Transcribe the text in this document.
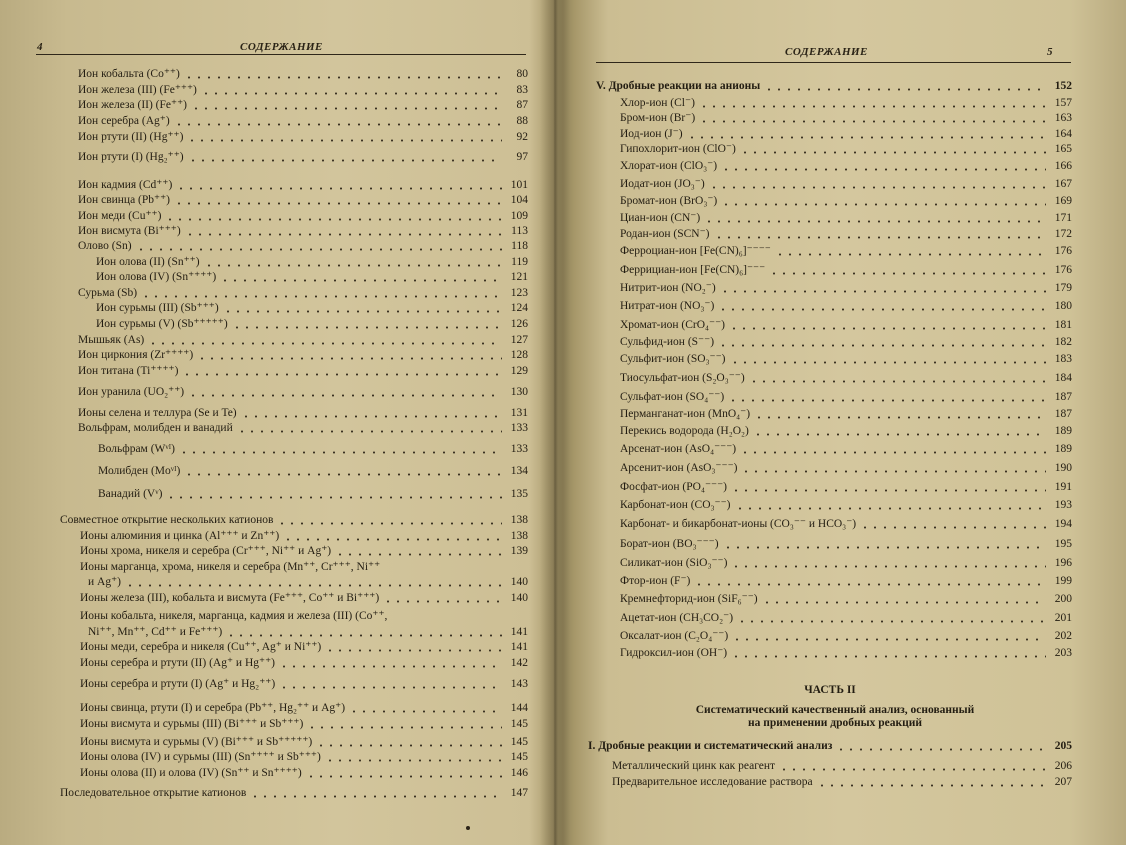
4	СОДЕРЖАНИЕ
Ион кобальта (Co⁺⁺)	80
Ион железа (III) (Fe⁺⁺⁺)	83
Ион железа (II) (Fe⁺⁺)	87
Ион серебра (Ag⁺)	88
Ион ртути (II) (Hg⁺⁺)	92
Ион ртути (I) (Hg₂⁺⁺)	97
Ион кадмия (Cd⁺⁺)	101
Ион свинца (Pb⁺⁺)	104
Ион меди (Cu⁺⁺)	109
Ион висмута (Bi⁺⁺⁺)	113
Олово (Sn)	118
Ион олова (II) (Sn⁺⁺)	119
Ион олова (IV) (Sn⁺⁺⁺⁺)	121
Сурьма (Sb)	123
Ион сурьмы (III) (Sb⁺⁺⁺)	124
Ион сурьмы (V) (Sb⁺⁺⁺⁺⁺)	126
Мышьяк (As)	127
Ион циркония (Zr⁺⁺⁺⁺)	128
Ион титана (Ti⁺⁺⁺⁺)	129
Ион уранила (UO₂⁺⁺)	130
Ионы селена и теллура (Se и Te)	131
Вольфрам, молибден и ванадий	133
Вольфрам (Wᵛᴵ)	133
Молибден (Moᵛᴵ)	134
Ванадий (Vᵛ)	135
Совместное открытие нескольких катионов	138
Ионы алюминия и цинка (Al⁺⁺⁺ и Zn⁺⁺)	138
Ионы хрома, никеля и серебра (Cr⁺⁺⁺, Ni⁺⁺ и Ag⁺)	139
Ионы марганца, хрома, никеля и серебра (Mn⁺⁺, Cr⁺⁺⁺, Ni⁺⁺
и Ag⁺)	140
Ионы железа (III), кобальта и висмута (Fe⁺⁺⁺, Co⁺⁺ и Bi⁺⁺⁺)	140
Ионы кобальта, никеля, марганца, кадмия и железа (III) (Co⁺⁺,
Ni⁺⁺, Mn⁺⁺, Cd⁺⁺ и Fe⁺⁺⁺)	141
Ионы меди, серебра и никеля (Cu⁺⁺, Ag⁺ и Ni⁺⁺)	141
Ионы серебра и ртути (II) (Ag⁺ и Hg⁺⁺)	142
Ионы серебра и ртути (I) (Ag⁺ и Hg₂⁺⁺)	143
Ионы свинца, ртути (I) и серебра (Pb⁺⁺, Hg₂⁺⁺ и Ag⁺)	144
Ионы висмута и сурьмы (III) (Bi⁺⁺⁺ и Sb⁺⁺⁺)	145
Ионы висмута и сурьмы (V) (Bi⁺⁺⁺ и Sb⁺⁺⁺⁺⁺)	145
Ионы олова (IV) и сурьмы (III) (Sn⁺⁺⁺⁺ и Sb⁺⁺⁺)	145
Ионы олова (II) и олова (IV) (Sn⁺⁺ и Sn⁺⁺⁺⁺)	146
Последовательное открытие катионов	147
СОДЕРЖАНИЕ	5
V. Дробные реакции на анионы	152
Хлор-ион (Cl⁻)	157
Бром-ион (Br⁻)	163
Иод-ион (J⁻)	164
Гипохлорит-ион (ClO⁻)	165
Хлорат-ион (ClO₃⁻)	166
Иодат-ион (JO₃⁻)	167
Бромат-ион (BrO₃⁻)	169
Циан-ион (CN⁻)	171
Родан-ион (SCN⁻)	172
Ферроциан-ион [Fe(CN)₆]⁻⁻⁻⁻	176
Феррициан-ион [Fe(CN)₆]⁻⁻⁻	176
Нитрит-ион (NO₂⁻)	179
Нитрат-ион (NO₃⁻)	180
Хромат-ион (CrO₄⁻⁻)	181
Сульфид-ион (S⁻⁻)	182
Сульфит-ион (SO₃⁻⁻)	183
Тиосульфат-ион (S₂O₃⁻⁻)	184
Сульфат-ион (SO₄⁻⁻)	187
Перманганат-ион (MnO₄⁻)	187
Перекись водорода (H₂O₂)	189
Арсенат-ион (AsO₄⁻⁻⁻)	189
Арсенит-ион (AsO₃⁻⁻⁻)	190
Фосфат-ион (PO₄⁻⁻⁻)	191
Карбонат-ион (CO₃⁻⁻)	193
Карбонат- и бикарбонат-ионы (CO₃⁻⁻ и HCO₃⁻)	194
Борат-ион (BO₃⁻⁻⁻)	195
Силикат-ион (SiO₃⁻⁻)	196
Фтор-ион (F⁻)	199
Кремнефторид-ион (SiF₆⁻⁻)	200
Ацетат-ион (CH₃CO₂⁻)	201
Оксалат-ион (C₂O₄⁻⁻)	202
Гидроксил-ион (OH⁻)	203
ЧАСТЬ II
Систематический качественный анализ, основанный
на применении дробных реакций
I. Дробные реакции и систематический анализ	205
Металлический цинк как реагент	206
Предварительное исследование раствора	207
